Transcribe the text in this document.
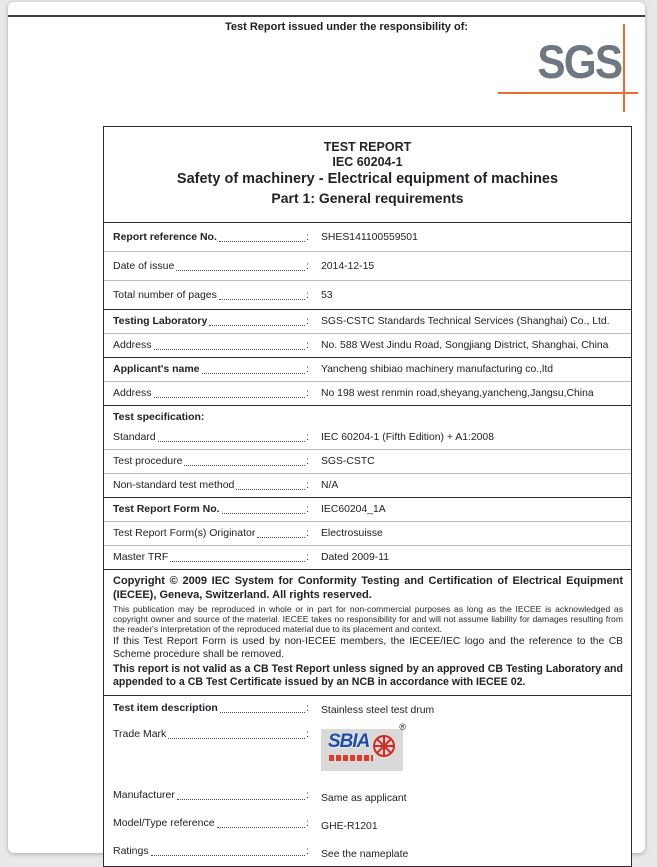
Test Report issued under the responsibility of:
SGS
TEST REPORT
IEC 60204-1
Safety of machinery - Electrical equipment of machines
Part 1: General requirements
Report reference No.	:	SHES141100559501
Date of issue	:	2014-12-15
Total number of pages	:	53
Testing Laboratory	:	SGS-CSTC Standards Technical Services (Shanghai) Co., Ltd.
Address	:	No. 588 West Jindu Road, Songjiang District, Shanghai, China
Applicant's name	:	Yancheng shibiao machinery manufacturing co.,ltd
Address	:	No 198 west renmin road,sheyang,yancheng,Jangsu,China
Test specification:
Standard	:	IEC 60204-1 (Fifth Edition) + A1:2008
Test procedure	:	SGS-CSTC
Non-standard test method	:	N/A
Test Report Form No.	:	IEC60204_1A
Test Report Form(s) Originator	:	Electrosuisse
Master TRF	:	Dated 2009-11
Copyright © 2009 IEC System for Conformity Testing and Certification of Electrical Equipment (IECEE), Geneva, Switzerland. All rights reserved.
This publication may be reproduced in whole or in part for non-commercial purposes as long as the IECEE is acknowledged as copyright owner and source of the material. IECEE takes no responsibility for and will not assume liability for damages resulting from the reader's interpretation of the reproduced material due to its placement and context.
If this Test Report Form is used by non-IECEE members, the IECEE/IEC logo and the reference to the CB Scheme procedure shall be removed.
This report is not valid as a CB Test Report unless signed by an approved CB Testing Laboratory and appended to a CB Test Certificate issued by an NCB in accordance with IECEE 02.
Test item description	:	Stainless steel test drum
Trade Mark	:
®
SBIA
Manufacturer	:	Same as applicant
Model/Type reference	:	GHE-R1201
Ratings	:	See the nameplate
